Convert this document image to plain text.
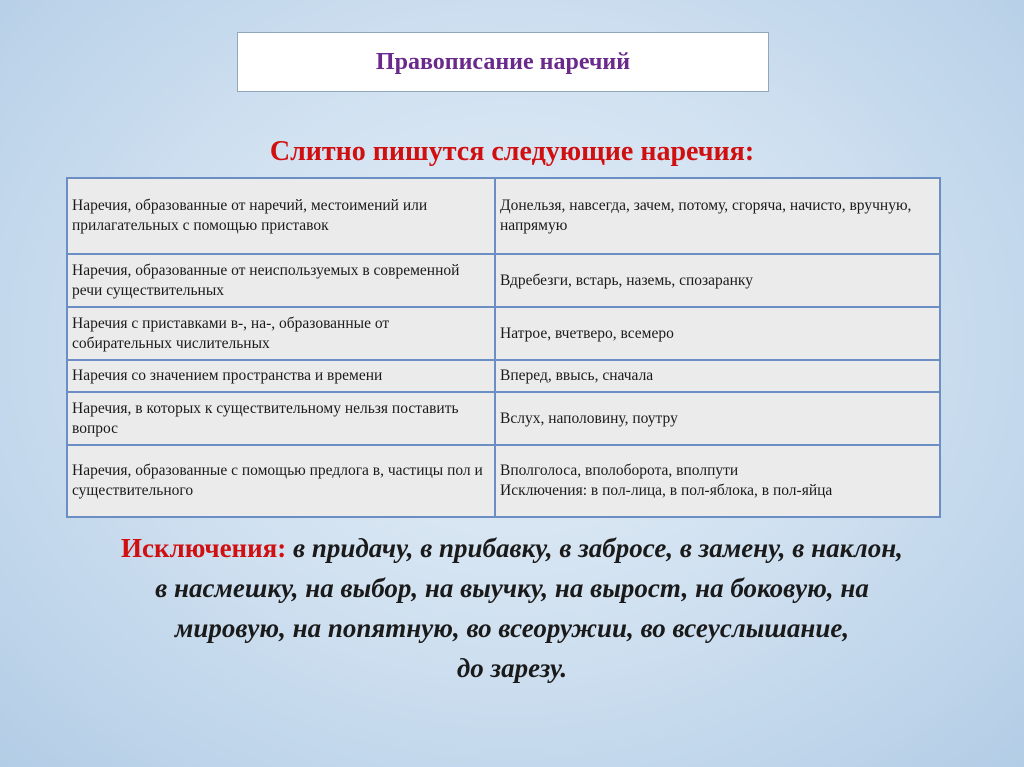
Правописание наречий
Слитно пишутся следующие наречия:
Наречия, образованные от наречий, местоимений или прилагательных с помощью приставок	Донельзя, навсегда, зачем, потому, сгоряча, начисто, вручную, напрямую
Наречия, образованные от неиспользуемых в современной речи существительных	Вдребезги, встарь, наземь, спозаранку
Наречия с приставками в-, на-, образованные от собирательных числительных	Натрое, вчетверо, всемеро
Наречия со значением пространства и времени	Вперед, ввысь, сначала
Наречия, в которых к существительному нельзя поставить вопрос	Вслух, наполовину, поутру
Наречия, образованные с помощью предлога в, частицы пол и существительного	Вполголоса, вполоборота, вполпути
Исключения: в пол-лица, в пол-яблока, в пол-яйца
Исключения: в придачу, в прибавку, в забросе, в замену, в наклон,
в насмешку, на выбор, на выучку, на вырост, на боковую, на
мировую, на попятную, во всеоружии, во всеуслышание,
до зарезу.
